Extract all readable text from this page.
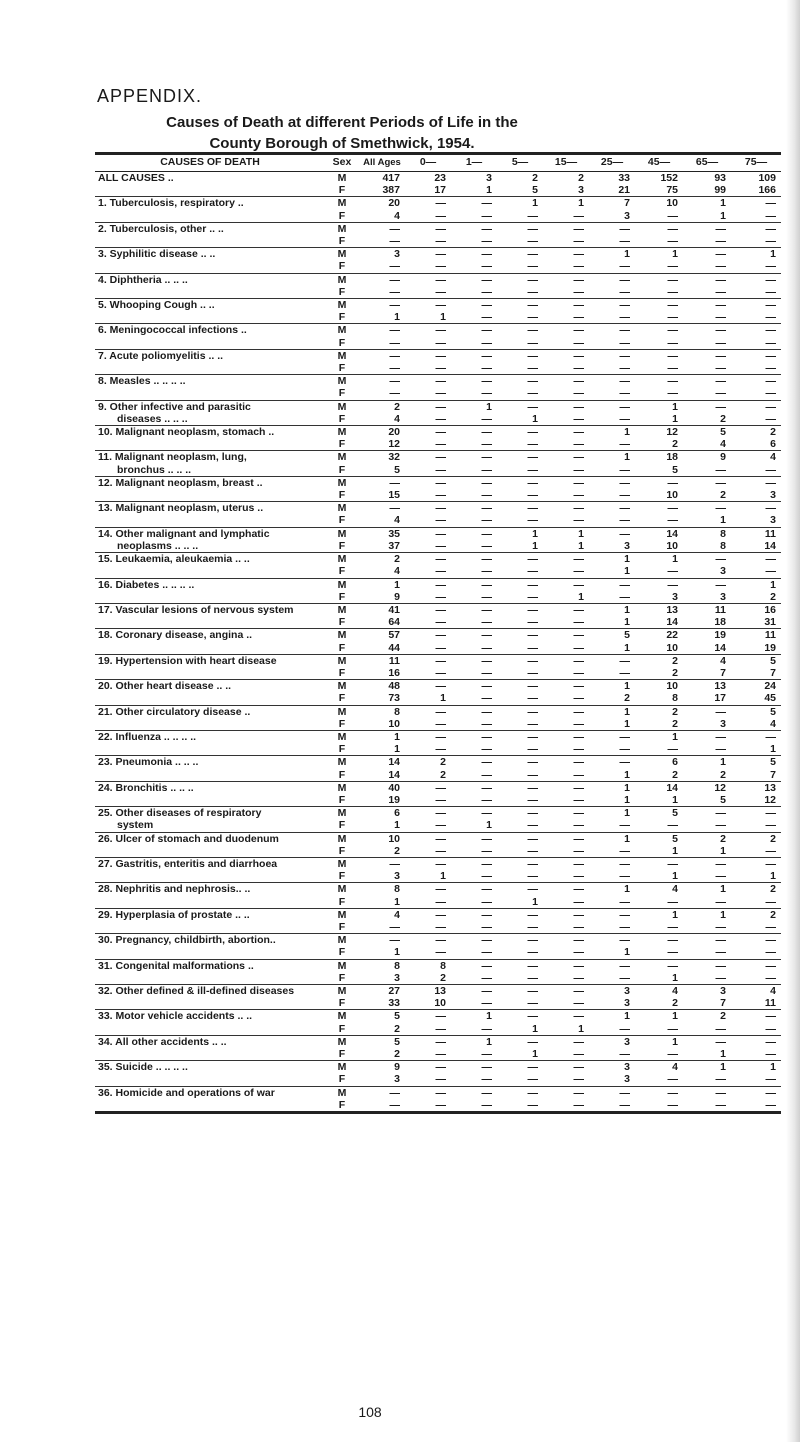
APPENDIX.
Causes of Death at different Periods of Life in the
County Borough of Smethwick, 1954.

CAUSES OF DEATH	Sex	All Ages	0—	1—	5—	15—	25—	45—	65—	75—
ALL CAUSES ..	M	417	23	3	2	2	33	152	93	109
	F	387	17	1	5	3	21	75	99	166
1. Tuberculosis, respiratory ..	M	20	—	—	1	1	7	10	1	—
	F	4	—	—	—	—	3	—	1	—
2. Tuberculosis, other .. ..	M	—	—	—	—	—	—	—	—	—
	F	—	—	—	—	—	—	—	—	—
3. Syphilitic disease .. ..	M	3	—	—	—	—	1	1	—	1
	F	—	—	—	—	—	—	—	—	—
4. Diphtheria .. .. ..	M	—	—	—	—	—	—	—	—	—
	F	—	—	—	—	—	—	—	—	—
5. Whooping Cough .. ..	M	—	—	—	—	—	—	—	—	—
	F	1	1	—	—	—	—	—	—	—
6. Meningococcal infections ..	M	—	—	—	—	—	—	—	—	—
	F	—	—	—	—	—	—	—	—	—
7. Acute poliomyelitis .. ..	M	—	—	—	—	—	—	—	—	—
	F	—	—	—	—	—	—	—	—	—
8. Measles .. .. .. ..	M	—	—	—	—	—	—	—	—	—
	F	—	—	—	—	—	—	—	—	—
9. Other infective and parasitic	M	2	—	1	—	—	—	1	—	—
diseases .. .. ..	F	4	—	—	1	—	—	1	2	—
10. Malignant neoplasm, stomach ..	M	20	—	—	—	—	1	12	5	2
	F	12	—	—	—	—	—	2	4	6
11. Malignant neoplasm, lung,	M	32	—	—	—	—	1	18	9	4
bronchus .. .. ..	F	5	—	—	—	—	—	5	—	—
12. Malignant neoplasm, breast ..	M	—	—	—	—	—	—	—	—	—
	F	15	—	—	—	—	—	10	2	3
13. Malignant neoplasm, uterus ..	M	—	—	—	—	—	—	—	—	—
	F	4	—	—	—	—	—	—	1	3
14. Other malignant and lymphatic	M	35	—	—	1	1	—	14	8	11
neoplasms .. .. ..	F	37	—	—	1	1	3	10	8	14
15. Leukaemia, aleukaemia .. ..	M	2	—	—	—	—	1	1	—	—
	F	4	—	—	—	—	1	—	3	—
16. Diabetes .. .. .. ..	M	1	—	—	—	—	—	—	—	1
	F	9	—	—	—	1	—	3	3	2
17. Vascular lesions of nervous system	M	41	—	—	—	—	1	13	11	16
	F	64	—	—	—	—	1	14	18	31
18. Coronary disease, angina ..	M	57	—	—	—	—	5	22	19	11
	F	44	—	—	—	—	1	10	14	19
19. Hypertension with heart disease	M	11	—	—	—	—	—	2	4	5
	F	16	—	—	—	—	—	2	7	7
20. Other heart disease .. ..	M	48	—	—	—	—	1	10	13	24
	F	73	1	—	—	—	2	8	17	45
21. Other circulatory disease ..	M	8	—	—	—	—	1	2	—	5
	F	10	—	—	—	—	1	2	3	4
22. Influenza .. .. .. ..	M	1	—	—	—	—	—	1	—	—
	F	1	—	—	—	—	—	—	—	1
23. Pneumonia .. .. ..	M	14	2	—	—	—	—	6	1	5
	F	14	2	—	—	—	1	2	2	7
24. Bronchitis .. .. ..	M	40	—	—	—	—	1	14	12	13
	F	19	—	—	—	—	1	1	5	12
25. Other diseases of respiratory	M	6	—	—	—	—	1	5	—	—
system	F	1	—	1	—	—	—	—	—	—
26. Ulcer of stomach and duodenum	M	10	—	—	—	—	1	5	2	2
	F	2	—	—	—	—	—	1	1	—
27. Gastritis, enteritis and diarrhoea	M	—	—	—	—	—	—	—	—	—
	F	3	1	—	—	—	—	1	—	1
28. Nephritis and nephrosis.. ..	M	8	—	—	—	—	1	4	1	2
	F	1	—	—	1	—	—	—	—	—
29. Hyperplasia of prostate .. ..	M	4	—	—	—	—	—	1	1	2
	F	—	—	—	—	—	—	—	—	—
30. Pregnancy, childbirth, abortion..	M	—	—	—	—	—	—	—	—	—
	F	1	—	—	—	—	1	—	—	—
31. Congenital malformations ..	M	8	8	—	—	—	—	—	—	—
	F	3	2	—	—	—	—	1	—	—
32. Other defined & ill-defined diseases	M	27	13	—	—	—	3	4	3	4
	F	33	10	—	—	—	3	2	7	11
33. Motor vehicle accidents .. ..	M	5	—	1	—	—	1	1	2	—
	F	2	—	—	1	1	—	—	—	—
34. All other accidents .. ..	M	5	—	1	—	—	3	1	—	—
	F	2	—	—	1	—	—	—	1	—
35. Suicide .. .. .. ..	M	9	—	—	—	—	3	4	1	1
	F	3	—	—	—	—	3	—	—	—
36. Homicide and operations of war	M	—	—	—	—	—	—	—	—	—
	F	—	—	—	—	—	—	—	—	—
108
